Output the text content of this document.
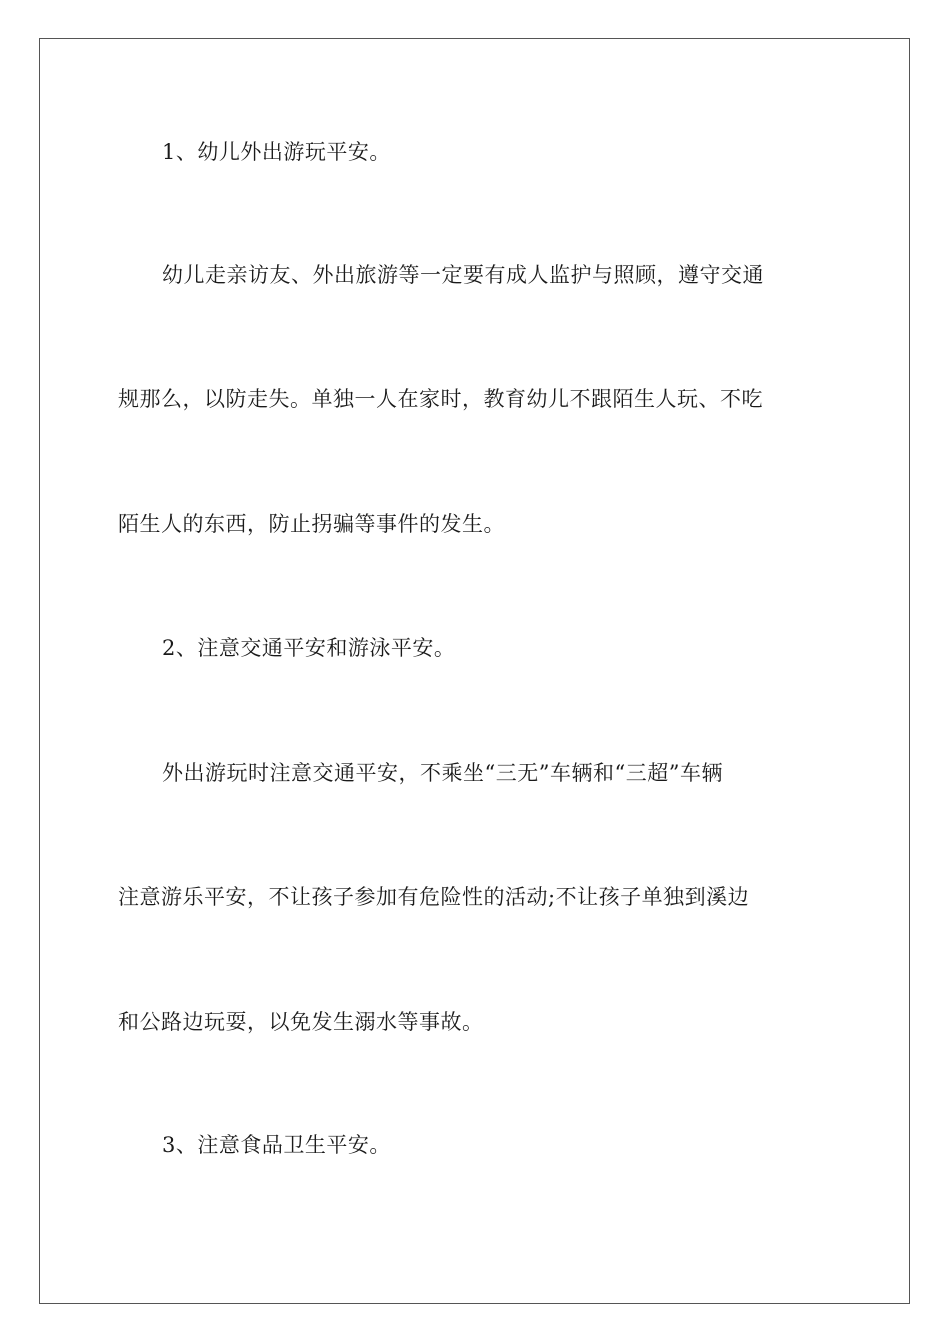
1、幼儿外出游玩平安。
幼儿走亲访友、外出旅游等一定要有成人监护与照顾，遵守交通
规那么，以防走失。单独一人在家时，教育幼儿不跟陌生人玩、不吃
陌生人的东西，防止拐骗等事件的发生。
2、注意交通平安和游泳平安。
外出游玩时注意交通平安，不乘坐“三无”车辆和“三超”车辆
注意游乐平安，不让孩子参加有危险性的活动;不让孩子单独到溪边
和公路边玩耍，以免发生溺水等事故。
3、注意食品卫生平安。
